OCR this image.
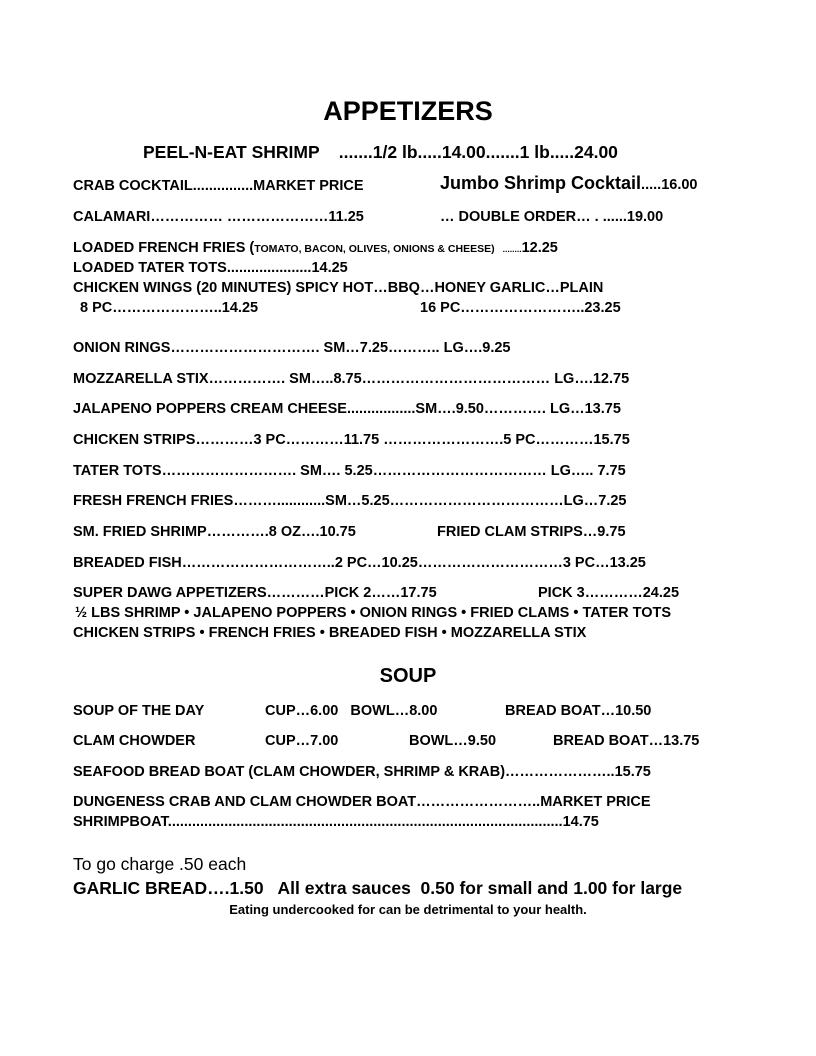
APPETIZERS
PEEL-N-EAT SHRIMP    .......1/2 lb.....14.00.......1 lb.....24.00
CRAB COCKTAIL...............MARKET PRICE	Jumbo Shrimp Cocktail.....16.00
CALAMARI…………… …………………11.25	… DOUBLE ORDER… . ......19.00
LOADED FRENCH FRIES (TOMATO, BACON, OLIVES, ONIONS & CHEESE) ........12.25
LOADED TATER TOTS.....................14.25
CHICKEN WINGS (20 MINUTES) SPICY HOT…BBQ…HONEY GARLIC…PLAIN
8 PC…………………..14.25	16 PC……………………..23.25
ONION RINGS…………………………. SM…7.25……….. LG….9.25
MOZZARELLA STIX……………. SM…..8.75………………………………… LG….12.75
JALAPENO POPPERS CREAM CHEESE.................SM….9.50…………. LG…13.75
CHICKEN STRIPS…………3 PC…………11.75 …………………….5 PC…………15.75
TATER TOTS………………………. SM…. 5.25……………………………… LG….. 7.75
FRESH FRENCH FRIES………............SM…5.25………………………………LG…7.25
SM. FRIED SHRIMP………….8 OZ….10.75	FRIED CLAM STRIPS…9.75
BREADED FISH…………………………..2 PC…10.25…………………………3 PC…13.25
SUPER DAWG APPETIZERS…………PICK 2……17.75	PICK 3…………24.25
½ LBS SHRIMP • JALAPENO POPPERS • ONION RINGS • FRIED CLAMS • TATER TOTS
CHICKEN STRIPS • FRENCH FRIES • BREADED FISH • MOZZARELLA STIX
SOUP
SOUP OF THE DAY	CUP…6.00   BOWL…8.00	BREAD BOAT…10.50
CLAM CHOWDER	CUP…7.00	BOWL…9.50	BREAD BOAT…13.75
SEAFOOD BREAD BOAT (CLAM CHOWDER, SHRIMP & KRAB)…………………..15.75
DUNGENESS CRAB AND CLAM CHOWDER BOAT……………………..MARKET PRICE
SHRIMPBOAT..................................................................................................14.75
To go charge .50 each
GARLIC BREAD….1.50   All extra sauces  0.50 for small and 1.00 for large
Eating undercooked for can be detrimental to your health.
